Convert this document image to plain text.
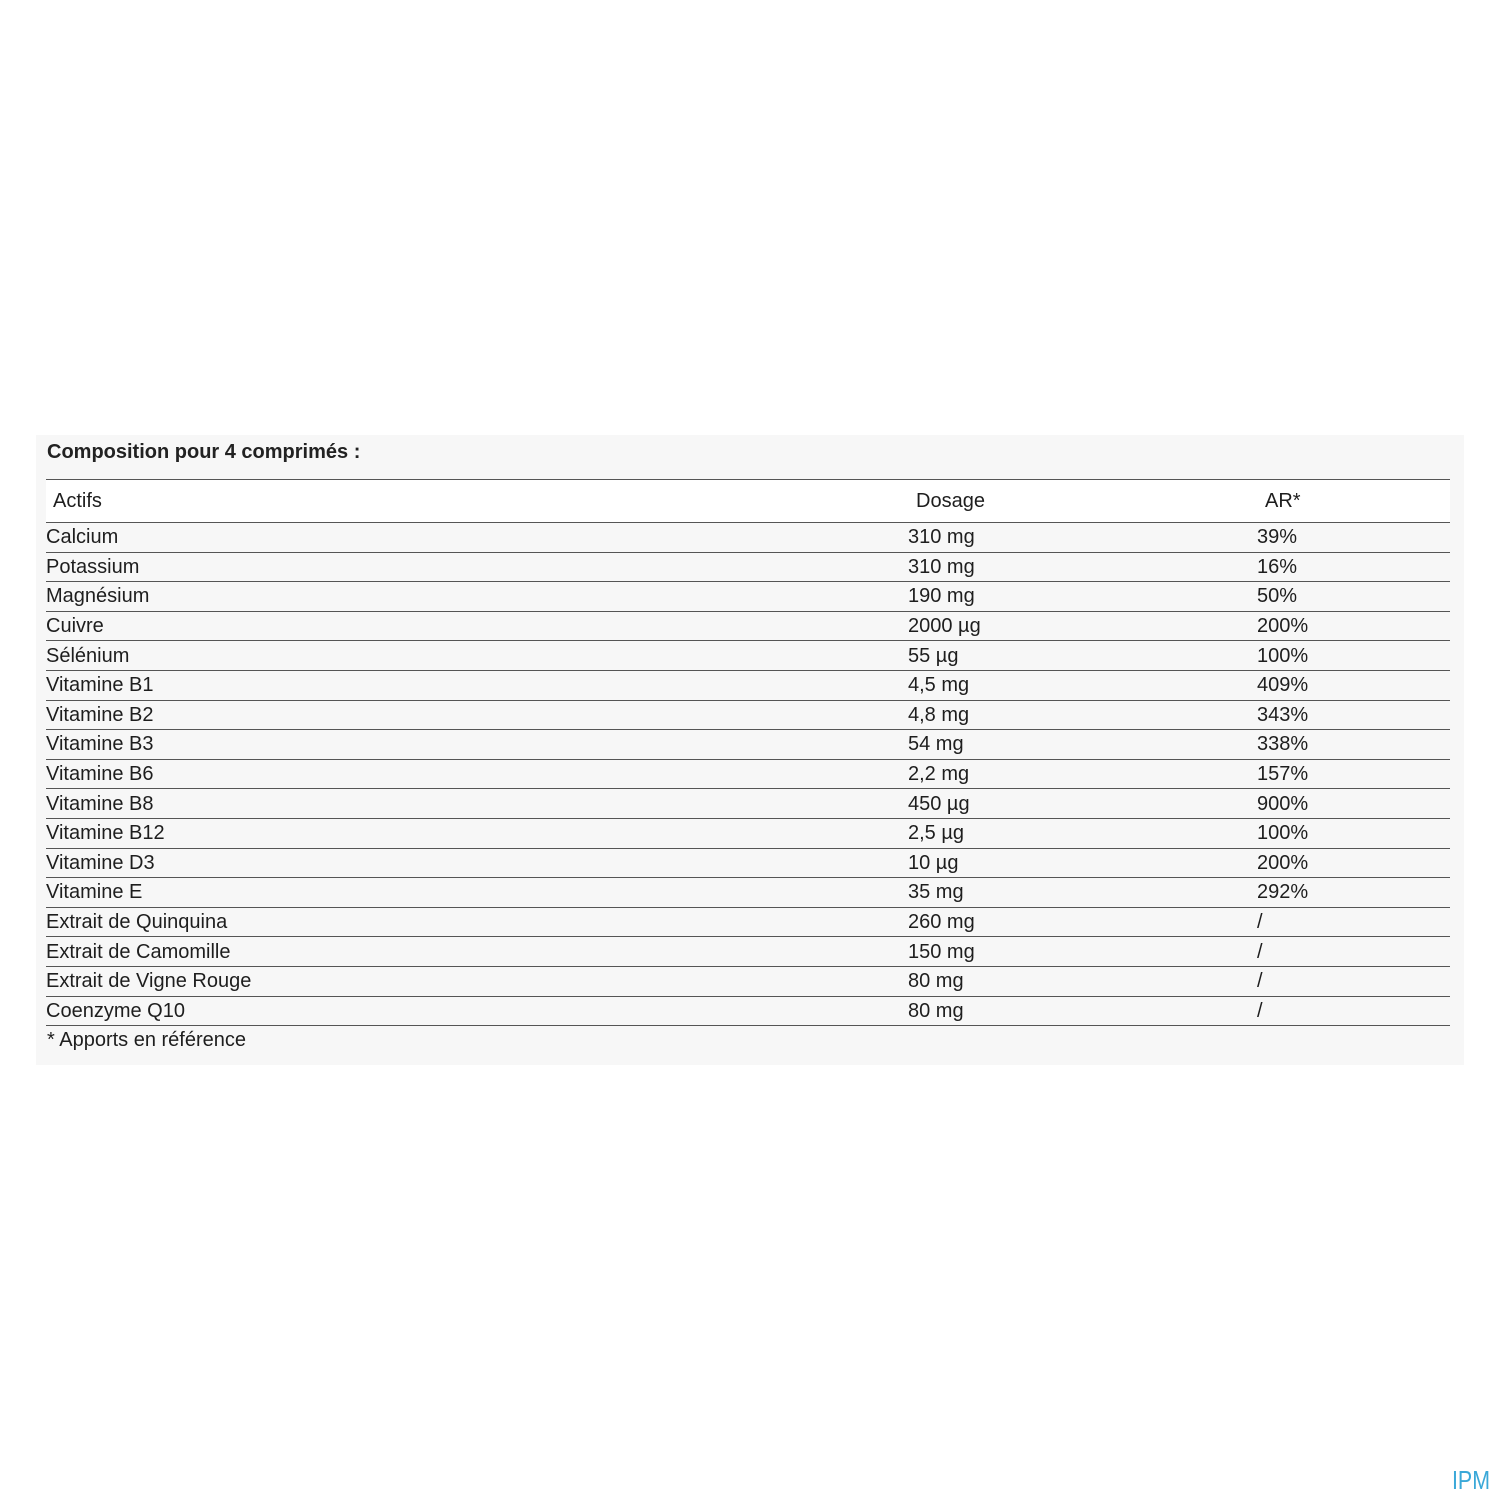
Composition pour 4 comprimés :

Actifs	Dosage	AR*
Calcium	310 mg	39%
Potassium	310 mg	16%
Magnésium	190 mg	50%
Cuivre	2000 µg	200%
Sélénium	55 µg	100%
Vitamine B1	4,5 mg	409%
Vitamine B2	4,8 mg	343%
Vitamine B3	54 mg	338%
Vitamine B6	2,2 mg	157%
Vitamine B8	450 µg	900%
Vitamine B12	2,5 µg	100%
Vitamine D3	10 µg	200%
Vitamine E	35 mg	292%
Extrait de Quinquina	260 mg	/
Extrait de Camomille	150 mg	/
Extrait de Vigne Rouge	80 mg	/
Coenzyme Q10	80 mg	/

* Apports en référence

IPM
